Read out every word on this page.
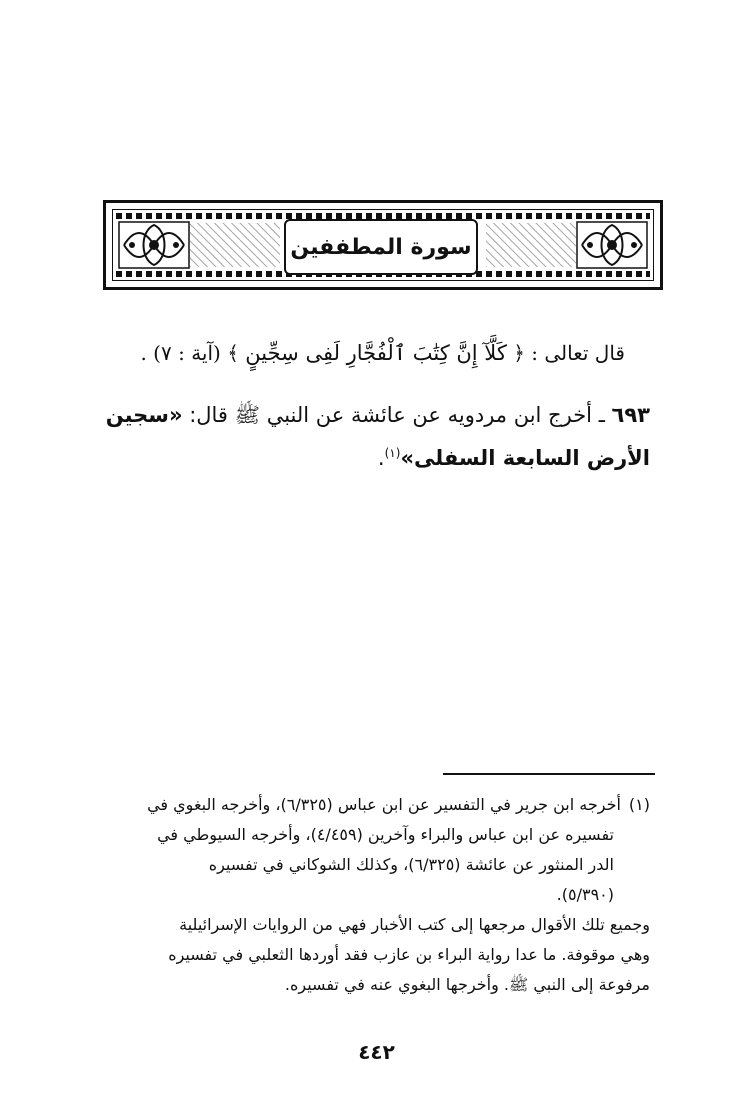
سورة المطففين
قال تعالى : ﴿ كَلَّآ إِنَّ كِتَٰبَ ٱلْفُجَّارِ لَفِى سِجِّينٍ ﴾ (آية : ٧) .
٦٩٣ ـ أخرج ابن مردويه عن عائشة عن النبي ﷺ قال: «سجين الأرض السابعة السفلى»$^{(١)}$.

(١)أخرجه ابن جرير في التفسير عن ابن عباس (٦/٣٢٥)، وأخرجه البغوي في

تفسيره عن ابن عباس والبراء وآخرين (٤/٤٥٩)، وأخرجه السيوطي في

الدر المنثور عن عائشة (٦/٣٢٥)، وكذلك الشوكاني في تفسيره

(٥/٣٩٠).

وجميع تلك الأقوال مرجعها إلى كتب الأخبار فهي من الروايات الإسرائيلية

وهي موقوفة. ما عدا رواية البراء بن عازب فقد أوردها الثعلبي في تفسيره

مرفوعة إلى النبي ﷺ. وأخرجها البغوي عنه في تفسيره.

٤٤٢
